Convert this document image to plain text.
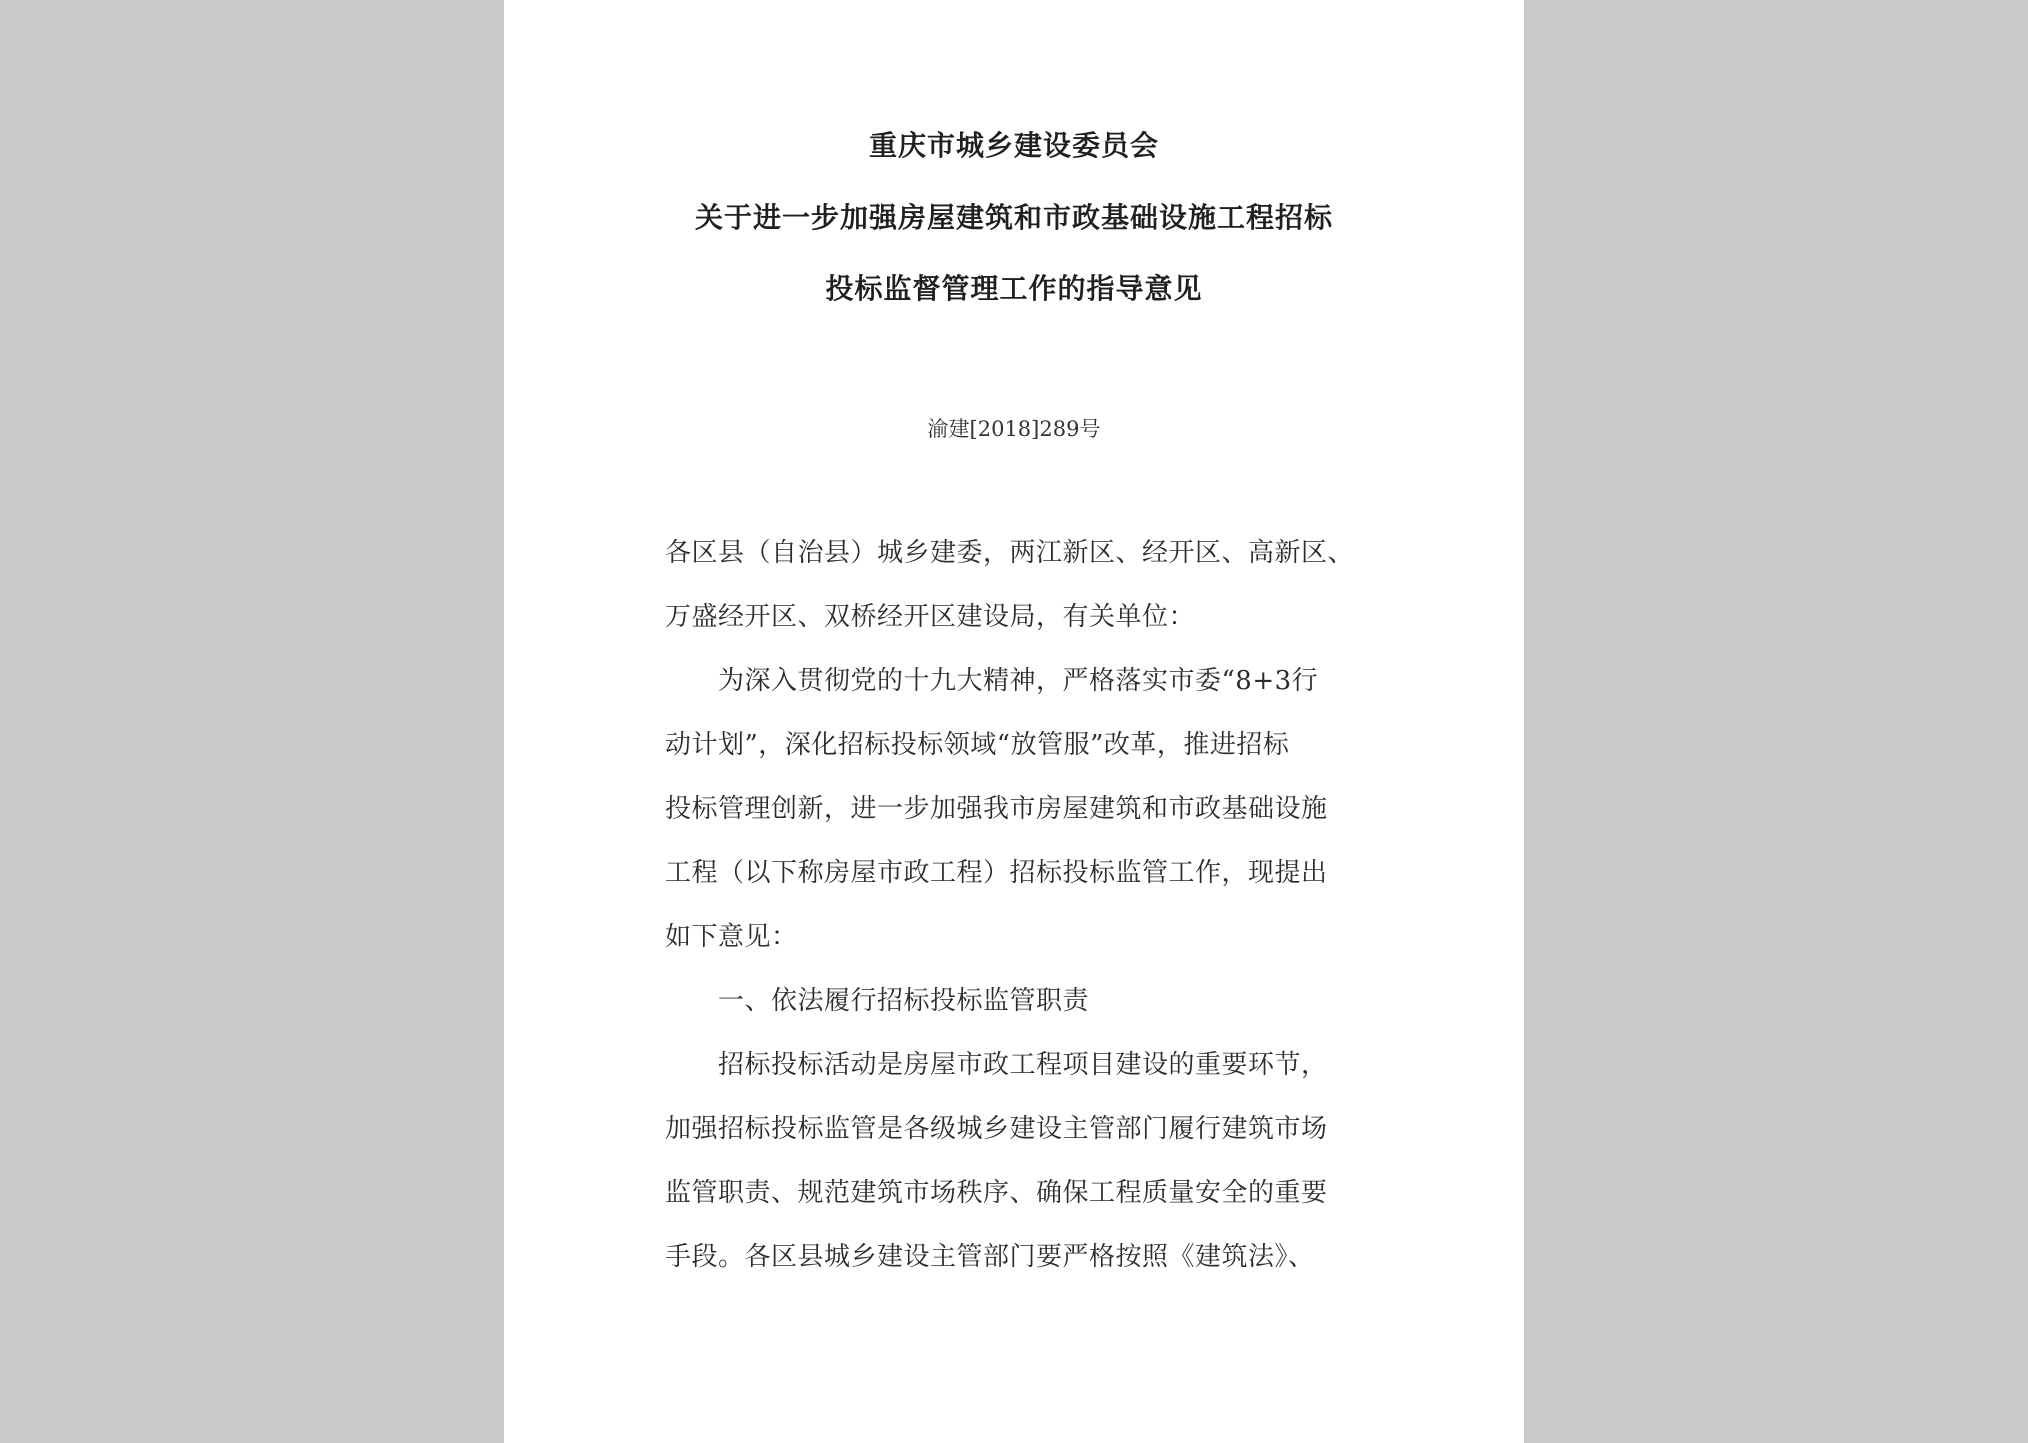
重庆市城乡建设委员会
关于进一步加强房屋建筑和市政基础设施工程招标
投标监督管理工作的指导意见
渝建[2018]289号
各区县（自治县）城乡建委，两江新区、经开区、高新区、
万盛经开区、双桥经开区建设局，有关单位：
为深入贯彻党的十九大精神，严格落实市委“8+3行
动计划”，深化招标投标领域“放管服”改革，推进招标
投标管理创新，进一步加强我市房屋建筑和市政基础设施
工程（以下称房屋市政工程）招标投标监管工作，现提出
如下意见：
一、依法履行招标投标监管职责
招标投标活动是房屋市政工程项目建设的重要环节，
加强招标投标监管是各级城乡建设主管部门履行建筑市场
监管职责、规范建筑市场秩序、确保工程质量安全的重要
手段。各区县城乡建设主管部门要严格按照《建筑法》、
